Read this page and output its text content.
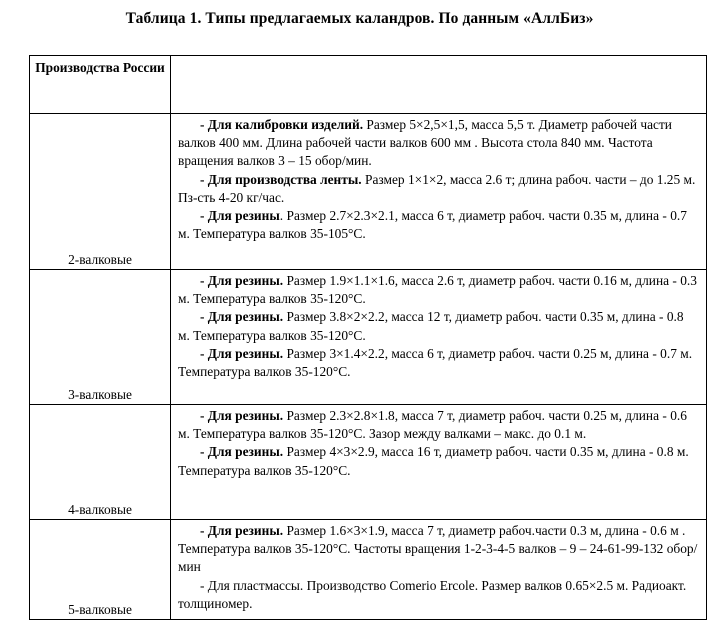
Таблица 1. Типы предлагаемых каландров. По данным «АллБиз»
Производства России	
2-валковые	- Для калибровки изделий. Размер 5×2,5×1,5, масса 5,5 т. Диаметр рабочей части валков 400 мм. Длина рабочей части валков 600 мм . Высота стола 840 мм. Частота вращения валков 3 – 15 обор/мин.
- Для производства ленты. Размер 1×1×2, масса 2.6 т; длина рабоч. части – до 1.25 м. Пз-сть 4-20 кг/час.
- Для резины. Размер 2.7×2.3×2.1, масса 6 т, диаметр рабоч. части 0.35 м, длина - 0.7 м. Температура валков 35-105°С.

3-валковые	- Для резины. Размер 1.9×1.1×1.6, масса 2.6 т, диаметр рабоч. части 0.16 м, длина - 0.3 м. Температура валков 35-120°С.
- Для резины. Размер 3.8×2×2.2, масса 12 т, диаметр рабоч. части 0.35 м, длина - 0.8 м. Температура валков 35-120°С.
- Для резины. Размер 3×1.4×2.2, масса 6 т, диаметр рабоч. части 0.25 м, длина - 0.7 м. Температура валков 35-120°С.

4-валковые	- Для резины. Размер 2.3×2.8×1.8, масса 7 т, диаметр рабоч. части 0.25 м, длина - 0.6 м. Температура валков 35-120°С. Зазор между валками – макс. до 0.1 м.
- Для резины. Размер 4×3×2.9, масса 16 т, диаметр рабоч. части 0.35 м, длина - 0.8 м. Температура валков 35-120°С.

5-валковые	- Для резины. Размер 1.6×3×1.9, масса 7 т, диаметр рабоч.части 0.3 м, длина - 0.6 м . Температура валков 35-120°С. Частоты вращения 1-2-3-4-5 валков – 9 – 24-61-99-132 обор/мин
- Для пластмассы. Производство Comerio Ercole. Размер валков 0.65×2.5 м. Радиоакт. толщиномер.
